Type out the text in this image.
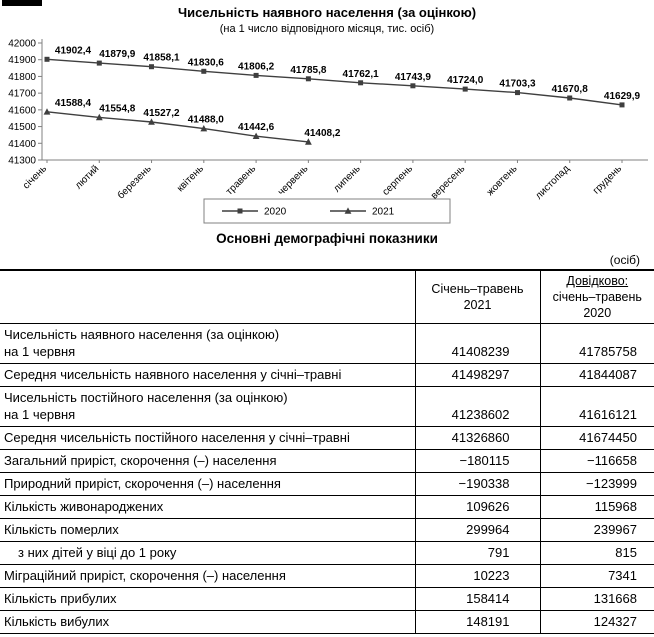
Чисельність наявного населення (за оцінкою)
(на 1 число відповідного місяця, тис. осіб)
41300
41400
41500
41600
41700
41800
41900
42000
січень лютий березень квітень травень червень липень серпень вересень жовтень листопад грудень
41902,4 41879,9 41858,1 41830,6 41806,2 41785,8 41762,1 41743,9 41724,0 41703,3 41670,8
41629,9
41588,4
41554,8 41527,2
41488,0
41442,6
41408,2
2020	2021
Основні демографічні показники
(осіб)

Січень–травень
2021

Довідково:
січень–травень
2020

Чисельність наявного населення (за оцінкою)
на 1 червня	41408239	41785758

Середня чисельність наявного населення у січні–травні	41498297	41844087

Чисельність постійного населення (за оцінкою)
на 1 червня	41238602	41616121

Середня чисельність постійного населення у січні–травні	41326860	41674450

Загальний приріст, скорочення (–) населення	−180115	−116658

Природний приріст, скорочення (–) населення	−190338	−123999

Кількість живонароджених	109626	115968

Кількість померлих	299964	239967

з них дітей у віці до 1 року	791	815

Міграційний приріст, скорочення (–) населення	10223	7341

Кількість прибулих	158414	131668

Кількість вибулих	148191	124327
